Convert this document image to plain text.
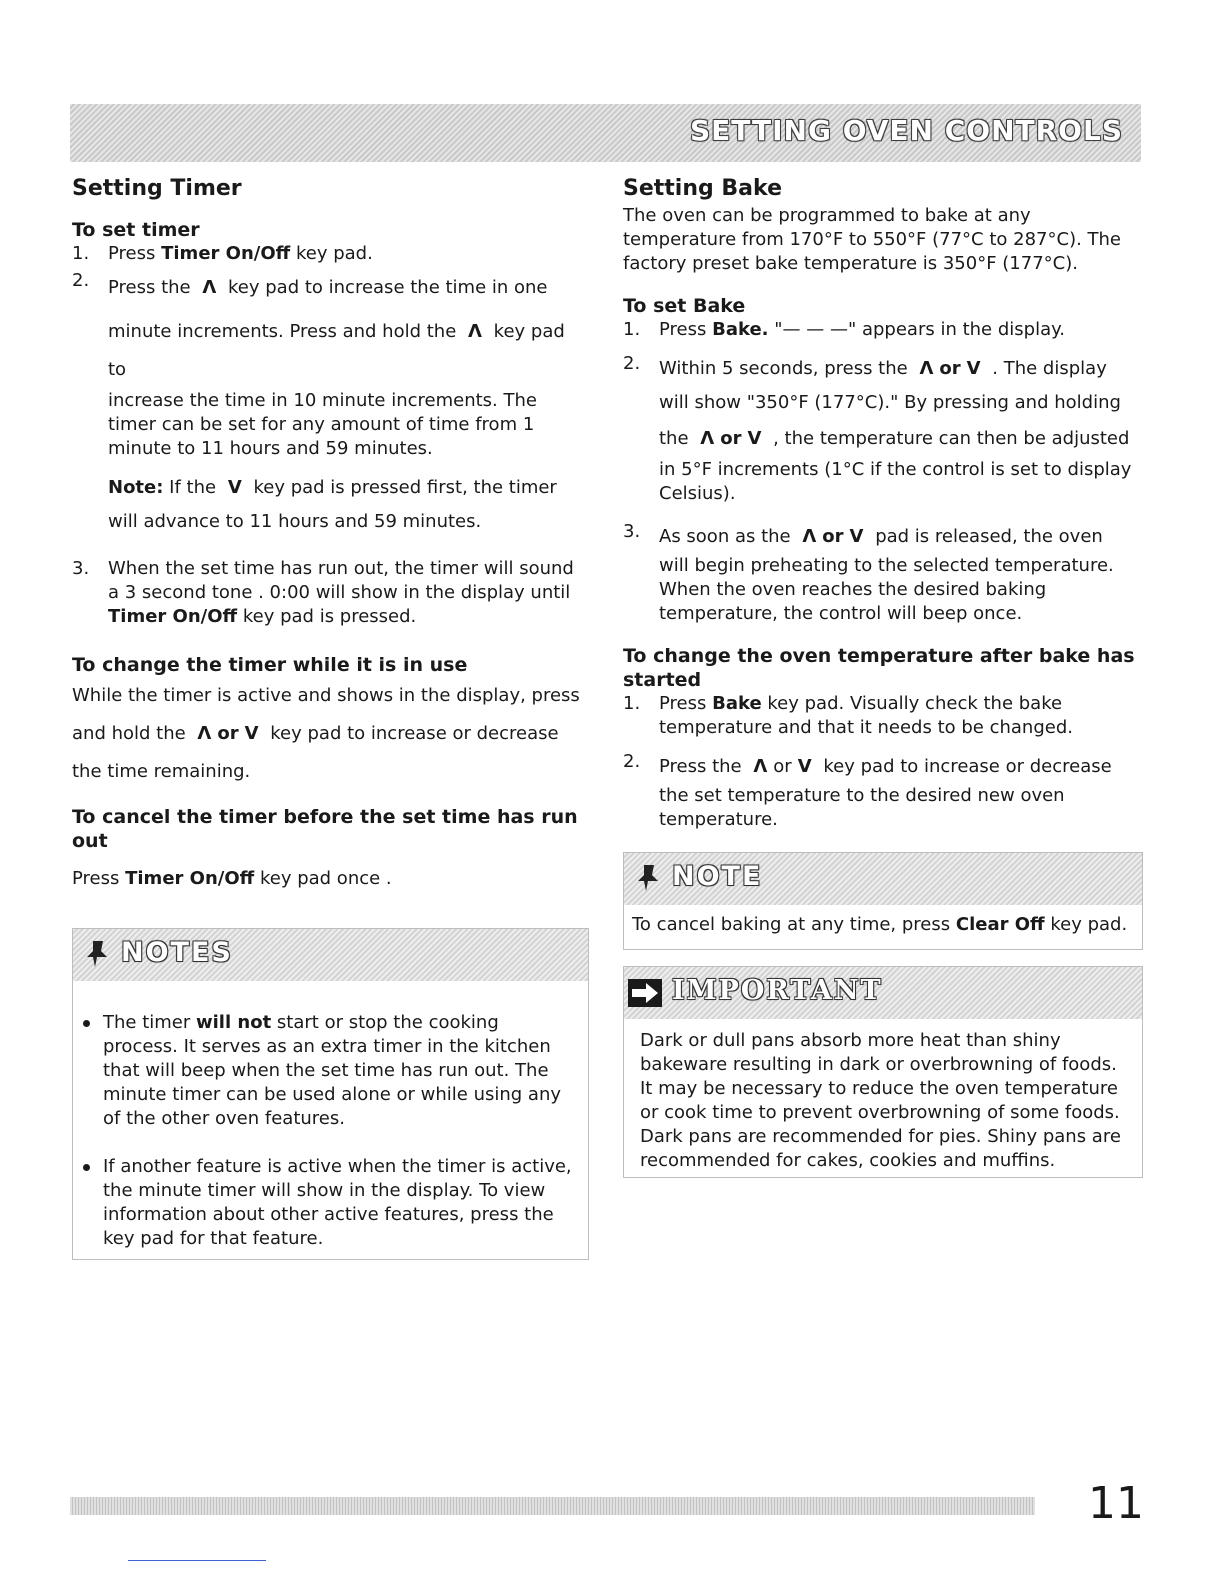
SETTING OVEN CONTROLS
Setting Timer
To set timer
1. Press Timer On/Off key pad.
2. Press the Λ key pad to increase the time in one

minute increments. Press and hold the Λ key pad to

increase the time in 10 minute increments. The timer can be set for any amount of time from 1 minute to 11 hours and 59 minutes.

Note: If the V key pad is pressed first, the timer will advance to 11 hours and 59 minutes.

3. When the set time has run out, the timer will sound a 3 second tone . 0:00 will show in the display until Timer On/Off key pad is pressed.
To change the timer while it is in use

While the timer is active and shows in the display, press

and hold the Λ or V key pad to increase or decrease

the time remaining.

To cancel the timer before the set time has run out

Press Timer On/Off key pad once .

NOTES
The timer will not start or stop the cooking process. It serves as an extra timer in the kitchen that will beep when the set time has run out. The minute timer can be used alone or while using any of the other oven features.
If another feature is active when the timer is active, the minute timer will show in the display. To view information about other active features, press the key pad for that feature.
Setting Bake

The oven can be programmed to bake at any temperature from 170°F to 550°F (77°C to 287°C). The factory preset bake temperature is 350°F (177°C).

To set Bake
1. Press Bake. "— — —" appears in the display.
2. Within 5 seconds, press the Λ or V . The display

will show "350°F (177°C)." By pressing and holding

the Λ or V , the temperature can then be adjusted

in 5°F increments (1°C if the control is set to display Celsius).

3. As soon as the Λ or V pad is released, the oven

will begin preheating to the selected temperature. When the oven reaches the desired baking temperature, the control will beep once.

To change the oven temperature after bake has started
1. Press Bake key pad. Visually check the bake temperature and that it needs to be changed.
2. Press the Λ or V key pad to increase or decrease

the set temperature to the desired new oven temperature.

NOTE
To cancel baking at any time, press Clear Off key pad.
IMPORTANT
Dark or dull pans absorb more heat than shiny bakeware resulting in dark or overbrowning of foods. It may be necessary to reduce the oven temperature or cook time to prevent overbrowning of some foods. Dark pans are recommended for pies. Shiny pans are recommended for cakes, cookies and muffins.
11
